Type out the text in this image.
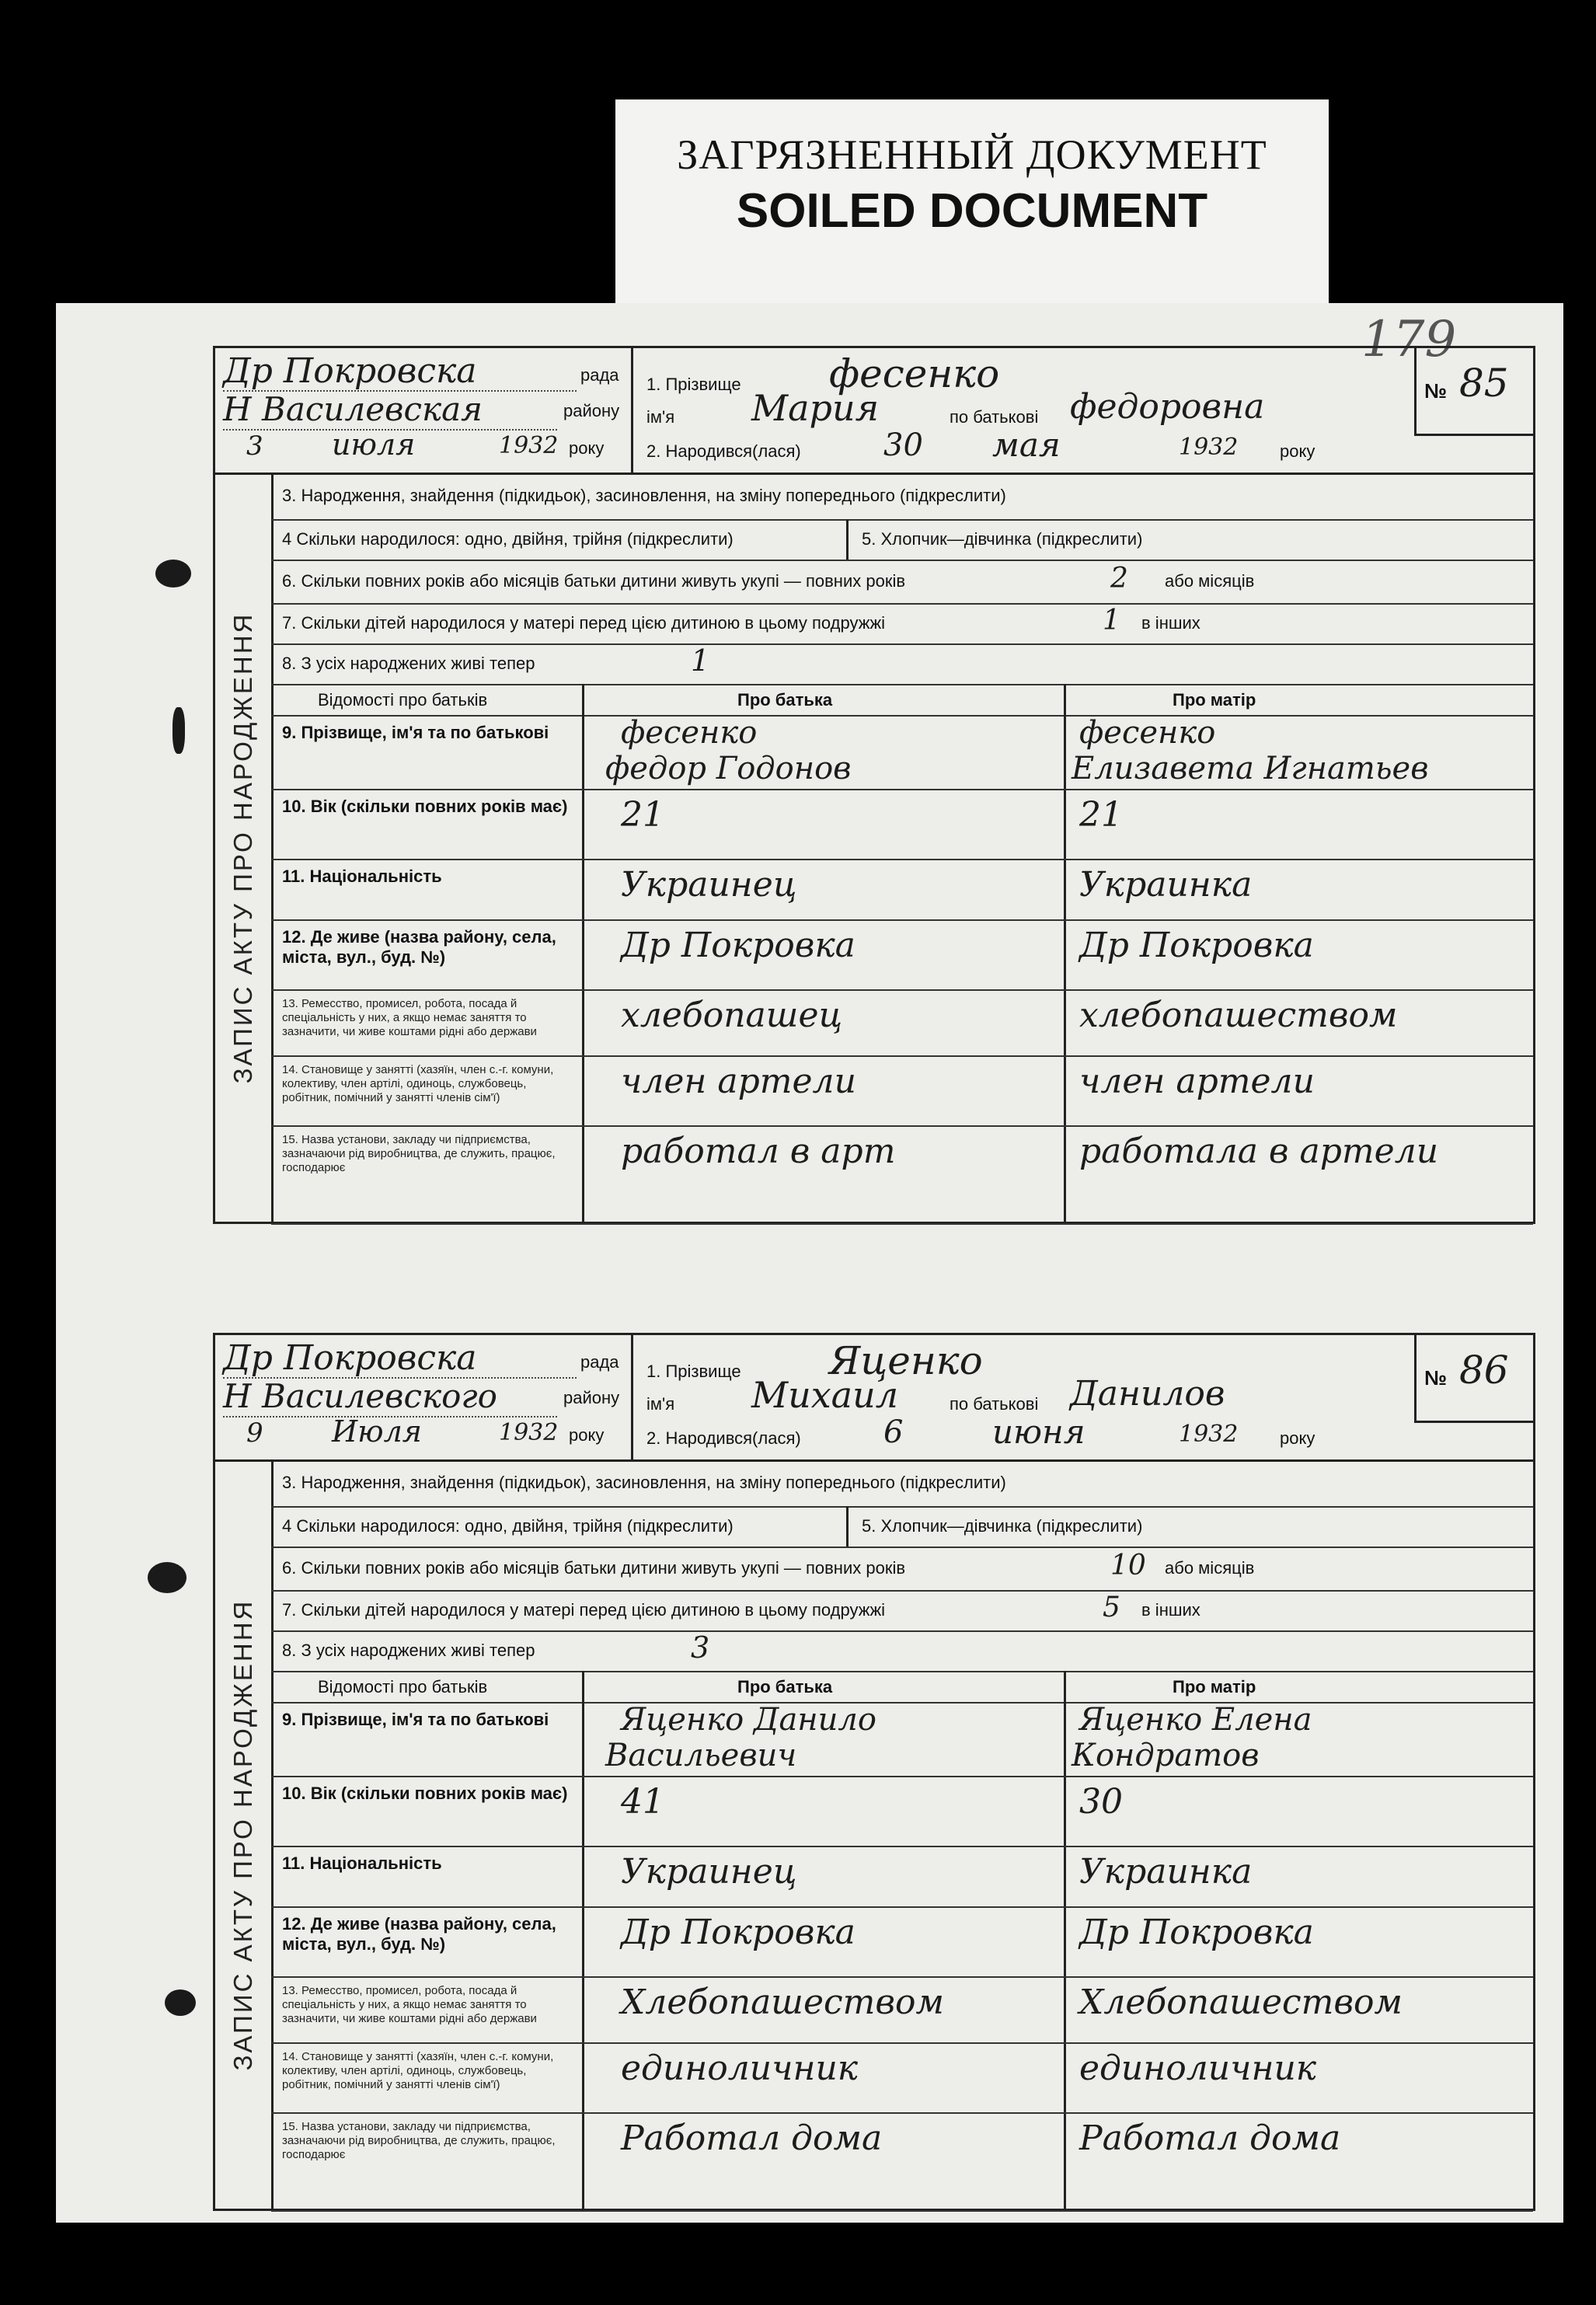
ЗАГРЯЗНЕННЫЙ ДОКУМЕНТ
SOILED DOCUMENT
179
Др Покровска	рада
Н Василевская	району
3 июля	1932 року
1. Прізвище фесенко
ім'я Мария	по батькові федоровна
2. Народився(лася)	30 мая	1932 року
№ 85
ЗАПИС АКТУ ПРО НАРОДЖЕННЯ
3. Народження, знайдення (підкидьок), засиновлення, на зміну попереднього (підкреслити)
4 Скільки народилося: одно, двійня, трійня (підкреслити)	5. Хлопчик—дівчинка (підкреслити)
6. Скільки повних років або місяців батьки дитини живуть укупі — повних років	2 або місяців
7. Скільки дітей народилося у матері перед цією дитиною в цьому подружжі	1 в інших
8. З усіх народжених живі тепер	1
Відомості про батьків	Про батька	Про матір
9. Прізвище, ім'я та по батькові	фесенко	фесенко
федор Годонов	Елизавета Игнатьев
10. Вік (скільки повних років має) 21	21
11. Національність	Украинец	Украинка
12. Де живе (назва району, села, міста, вул., буд. №)	Др Покровка	Др Покровка
13. Ремесство, промисел, робота, посада й спеціальність у них, а якщо немає заняття то зазначити, чи живе коштами рідні або держави	хлебопашец	хлебопашеством
14. Становище у занятті (хазяїн, член с.-г. комуни, колективу, член артілі, одиноць, службовець, робітник, помічний у занятті членів сім'ї)	член артели	член артели
15. Назва установи, закладу чи підприємства, зазначаючи рід виробництва, де служить, працює, господарює	работал в арт	работала в артели
Др Покровска	рада
Н Василевского	району
9 Июля	1932 року
1. Прізвище Яценко
ім'я Михаил	по батькові Данилов
2. Народився(лася)	6	июня	1932 року
№ 86
ЗАПИС АКТУ ПРО НАРОДЖЕННЯ
3. Народження, знайдення (підкидьок), засиновлення, на зміну попереднього (підкреслити)
4 Скільки народилося: одно, двійня, трійня (підкреслити)	5. Хлопчик—дівчинка (підкреслити)
6. Скільки повних років або місяців батьки дитини живуть укупі — повних років	10 або місяців
7. Скільки дітей народилося у матері перед цією дитиною в цьому подружжі	5 в інших
8. З усіх народжених живі тепер	3
Відомості про батьків	Про батька	Про матір
9. Прізвище, ім'я та по батькові	Яценко Данило	Яценко Елена
Васильевич	Кондратов
10. Вік (скільки повних років має) 41	30
11. Національність	Украинец	Украинка
12. Де живе (назва району, села, міста, вул., буд. №)	Др Покровка	Др Покровка
13. Ремесство, промисел, робота, посада й спеціальність у них, а якщо немає заняття то зазначити, чи живе коштами рідні або держави	Хлебопашеством	Хлебопашеством
14. Становище у занятті (хазяїн, член с.-г. комуни, колективу, член артілі, одиноць, службовець, робітник, помічний у занятті членів сім'ї)	единоличник	единоличник
15. Назва установи, закладу чи підприємства, зазначаючи рід виробництва, де служить, працює, господарює	Работал дома	Работал дома
